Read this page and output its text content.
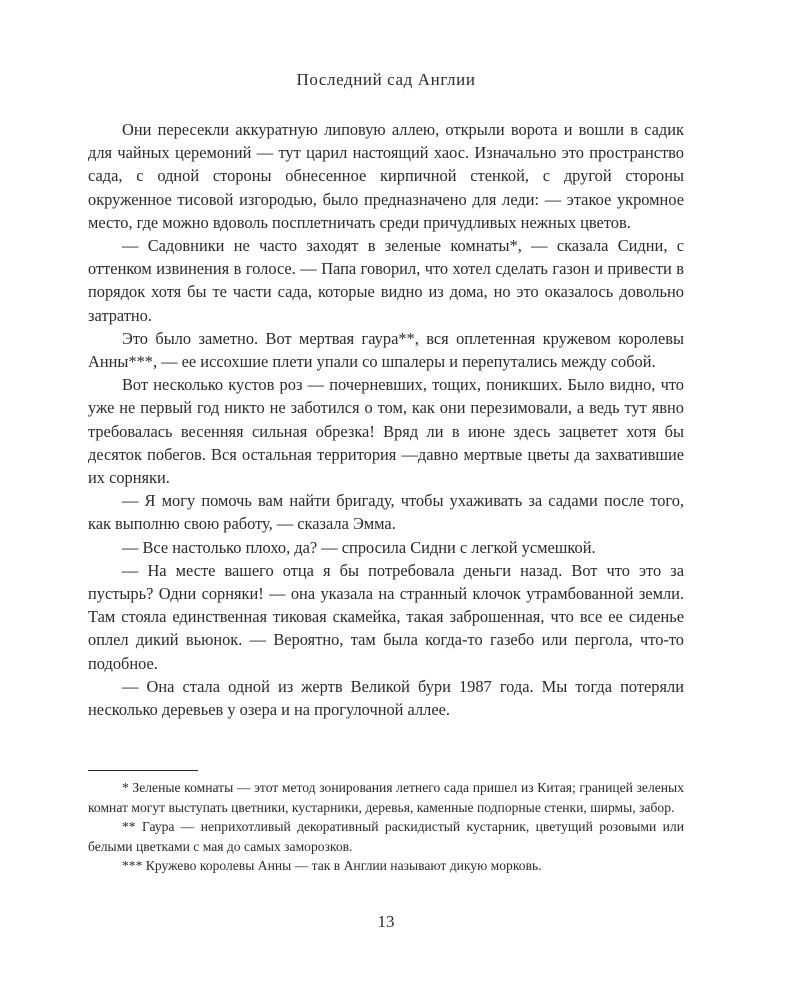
Последний сад Англии

Они пересекли аккуратную липовую аллею, открыли ворота и вошли в садик для чайных церемоний — тут царил настоящий хаос. Изначально это пространство сада, с одной стороны обнесенное кирпичной стенкой, с другой стороны окруженное тисовой изгородью, было предназначено для леди: — этакое укромное место, где можно вдоволь посплетничать среди причудливых нежных цветов.

— Садовники не часто заходят в зеленые комнаты*, — сказала Сидни, с оттенком извинения в голосе. — Папа говорил, что хотел сделать газон и привести в порядок хотя бы те части сада, которые видно из дома, но это оказалось довольно затратно.

Это было заметно. Вот мертвая гаура**, вся оплетенная кружевом королевы Анны***, — ее иссохшие плети упали со шпалеры и перепутались между собой.

Вот несколько кустов роз — почерневших, тощих, поникших. Было видно, что уже не первый год никто не заботился о том, как они перезимовали, а ведь тут явно требовалась весенняя сильная обрезка! Вряд ли в июне здесь зацветет хотя бы десяток побегов. Вся остальная территория —давно мертвые цветы да захватившие их сорняки.

— Я могу помочь вам найти бригаду, чтобы ухаживать за садами после того, как выполню свою работу, — сказала Эмма.

— Все настолько плохо, да? — спросила Сидни с легкой усмешкой.

— На месте вашего отца я бы потребовала деньги назад. Вот что это за пустырь? Одни сорняки! — она указала на странный клочок утрамбованной земли. Там стояла единственная тиковая скамейка, такая заброшенная, что все ее сиденье оплел дикий вьюнок. — Вероятно, там была когда-то газебо или пергола, что-то подобное.

— Она стала одной из жертв Великой бури 1987 года. Мы тогда потеряли несколько деревьев у озера и на прогулочной аллее.

* Зеленые комнаты — этот метод зонирования летнего сада пришел из Китая; границей зеленых комнат могут выступать цветники, кустарники, деревья, каменные подпорные стенки, ширмы, забор.

** Гаура — неприхотливый декоративный раскидистый кустарник, цветущий розовыми или белыми цветками с мая до самых заморозков.

*** Кружево королевы Анны — так в Англии называют дикую морковь.

13
